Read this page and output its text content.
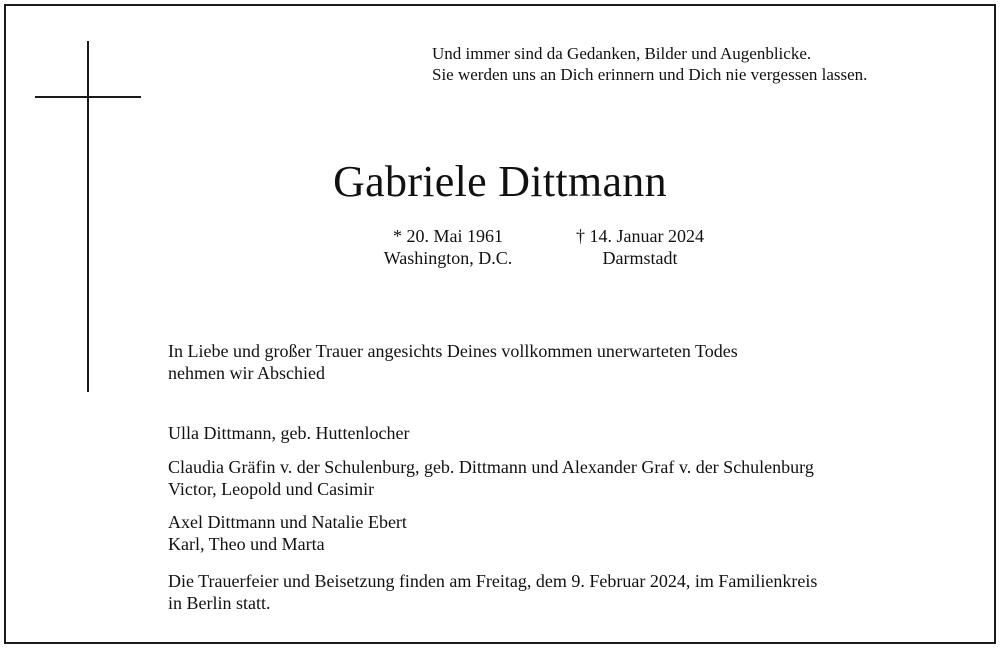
Und immer sind da Gedanken, Bilder und Augenblicke.
Sie werden uns an Dich erinnern und Dich nie vergessen lassen.
Gabriele Dittmann
* 20. Mai 1961
Washington, D.C.
† 14. Januar 2024
Darmstadt
In Liebe und großer Trauer angesichts Deines vollkommen unerwarteten Todes
nehmen wir Abschied
Ulla Dittmann, geb. Huttenlocher
Claudia Gräfin v. der Schulenburg, geb. Dittmann und Alexander Graf v. der Schulenburg
Victor, Leopold und Casimir
Axel Dittmann und Natalie Ebert
Karl, Theo und Marta
Die Trauerfeier und Beisetzung finden am Freitag, dem 9. Februar 2024, im Familienkreis
in Berlin statt.
